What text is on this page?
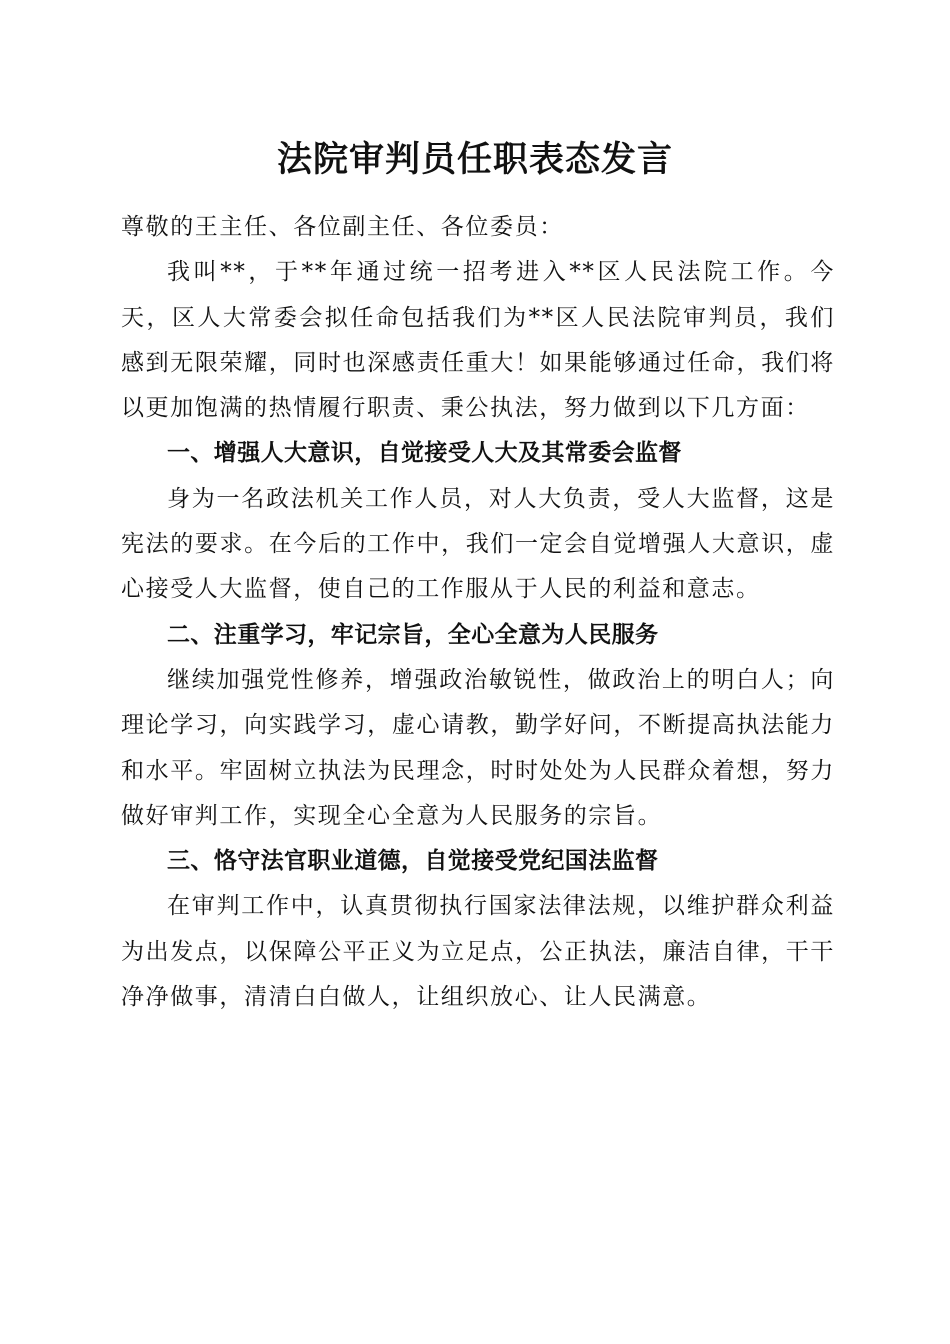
法院审判员任职表态发言

尊敬的王主任、各位副主任、各位委员：

我叫**，于**年通过统一招考进入**区人民法院工作。今天，区人大常委会拟任命包括我们为**区人民法院审判员，我们感到无限荣耀，同时也深感责任重大！如果能够通过任命，我们将以更加饱满的热情履行职责、秉公执法，努力做到以下几方面：

一、增强人大意识，自觉接受人大及其常委会监督

身为一名政法机关工作人员，对人大负责，受人大监督，这是宪法的要求。在今后的工作中，我们一定会自觉增强人大意识，虚心接受人大监督，使自己的工作服从于人民的利益和意志。

二、注重学习，牢记宗旨，全心全意为人民服务

继续加强党性修养，增强政治敏锐性，做政治上的明白人；向理论学习，向实践学习，虚心请教，勤学好问，不断提高执法能力和水平。牢固树立执法为民理念，时时处处为人民群众着想，努力做好审判工作，实现全心全意为人民服务的宗旨。

三、恪守法官职业道德，自觉接受党纪国法监督

在审判工作中，认真贯彻执行国家法律法规，以维护群众利益为出发点，以保障公平正义为立足点，公正执法，廉洁自律，干干净净做事，清清白白做人，让组织放心、让人民满意。
